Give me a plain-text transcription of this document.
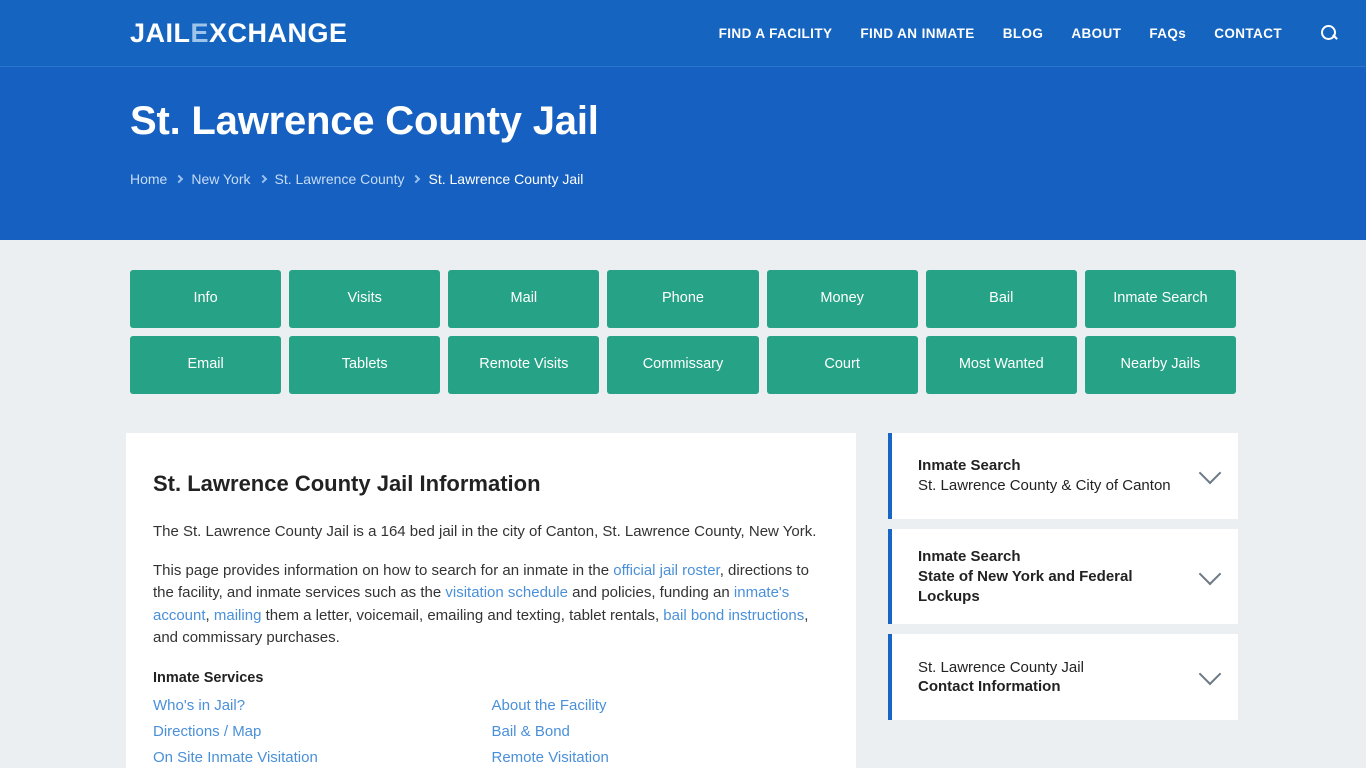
JAILEXCHANGE	FIND A FACILITY FIND AN INMATE BLOG ABOUT FAQs CONTACT
St. Lawrence County Jail
Home New York St. Lawrence County St. Lawrence County Jail
Info	Visits	Mail	Phone	Money	Bail	Inmate Search
Email	Tablets	Remote Visits	Commissary	Court	Most Wanted	Nearby Jails
St. Lawrence County Jail Information

The St. Lawrence County Jail is a 164 bed jail in the city of Canton, St. Lawrence County, New York.

This page provides information on how to search for an inmate in the official jail roster, directions to the facility, and inmate services such as the visitation schedule and policies, funding an inmate's account, mailing them a letter, voicemail, emailing and texting, tablet rentals, bail bond instructions, and commissary purchases.

Inmate Services
Who's in Jail?	About the Facility
Directions / Map	Bail & Bond
On Site Inmate Visitation	Remote Visitation
Inmate Search
St. Lawrence County & City of Canton
Inmate Search
State of New York and Federal Lockups
St. Lawrence County Jail
Contact Information
